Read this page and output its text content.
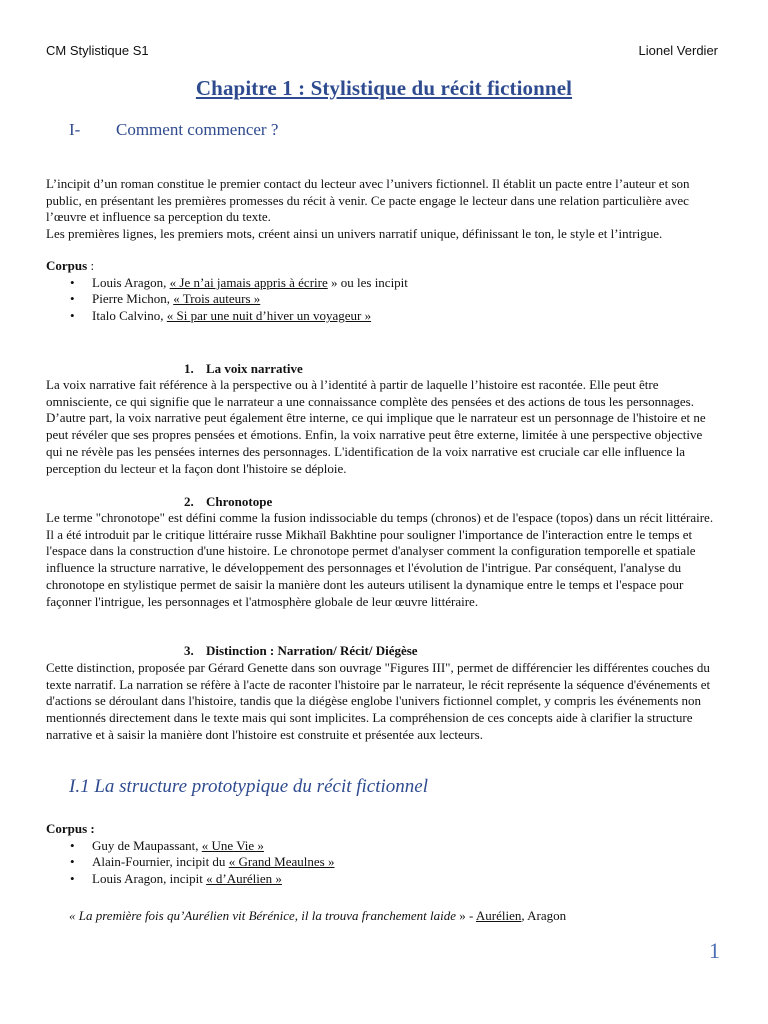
CM Stylistique S1	Lionel Verdier
Chapitre 1 : Stylistique du récit fictionnel
I- Comment commencer ?

L’incipit d’un roman constitue le premier contact du lecteur avec l’univers fictionnel. Il établit un pacte entre l’auteur et son public, en présentant les premières promesses du récit à venir. Ce pacte engage le lecteur dans une relation particulière avec l’œuvre et influence sa perception du texte.

Les premières lignes, les premiers mots, créent ainsi un univers narratif unique, définissant le ton, le style et l’intrigue.

Corpus :
• Louis Aragon, « Je n’ai jamais appris à écrire » ou les incipit
• Pierre Michon, « Trois auteurs »
• Italo Calvino, « Si par une nuit d’hiver un voyageur »
1. La voix narrative
La voix narrative fait référence à la perspective ou à l’identité à partir de laquelle l’histoire est racontée. Elle peut être omnisciente, ce qui signifie que le narrateur a une connaissance complète des pensées et des actions de tous les personnages. D’autre part, la voix narrative peut également être interne, ce qui implique que le narrateur est un personnage de l'histoire et ne peut révéler que ses propres pensées et émotions. Enfin, la voix narrative peut être externe, limitée à une perspective objective qui ne révèle pas les pensées internes des personnages. L'identification de la voix narrative est cruciale car elle influence la perception du lecteur et la façon dont l'histoire se déploie.
2. Chronotope
Le terme "chronotope" est défini comme la fusion indissociable du temps (chronos) et de l'espace (topos) dans un récit littéraire. Il a été introduit par le critique littéraire russe Mikhaïl Bakhtine pour souligner l'importance de l'interaction entre le temps et l'espace dans la construction d'une histoire. Le chronotope permet d'analyser comment la configuration temporelle et spatiale influence la structure narrative, le développement des personnages et l'évolution de l'intrigue. Par conséquent, l'analyse du chronotope en stylistique permet de saisir la manière dont les auteurs utilisent la dynamique entre le temps et l'espace pour façonner l'intrigue, les personnages et l'atmosphère globale de leur œuvre littéraire.
3. Distinction : Narration/ Récit/ Diégèse
Cette distinction, proposée par Gérard Genette dans son ouvrage "Figures III", permet de différencier les différentes couches du texte narratif. La narration se réfère à l'acte de raconter l'histoire par le narrateur, le récit représente la séquence d'événements et d'actions se déroulant dans l'histoire, tandis que la diégèse englobe l'univers fictionnel complet, y compris les événements non mentionnés directement dans le texte mais qui sont implicites. La compréhension de ces concepts aide à clarifier la structure narrative et à saisir la manière dont l'histoire est construite et présentée aux lecteurs.
I.1 La structure prototypique du récit fictionnel
Corpus :
• Guy de Maupassant, « Une Vie »
• Alain-Fournier, incipit du « Grand Meaulnes »
• Louis Aragon, incipit « d’Aurélien »
« La première fois qu’Aurélien vit Bérénice, il la trouva franchement laide » - Aurélien, Aragon
1
